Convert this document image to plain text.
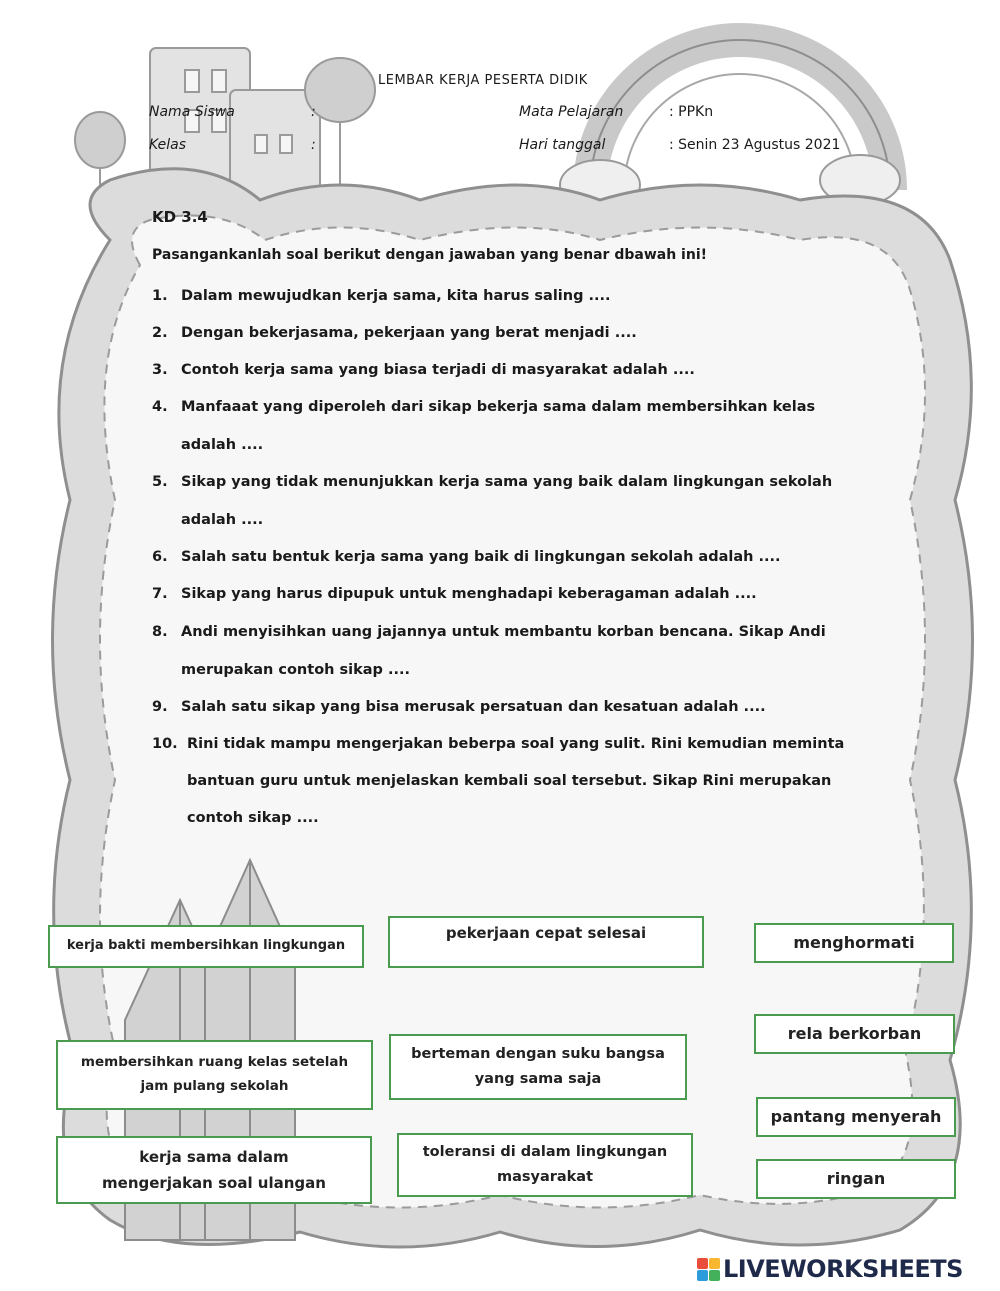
LEMBAR KERJA PESERTA DIDIK
Nama Siswa	:
Kelas	:
Mata Pelajaran	: PPKn
Hari tanggal	: Senin 23 Agustus 2021
KD 3.4
Pasangankanlah soal berikut dengan jawaban yang benar dbawah ini!
1. Dalam mewujudkan kerja sama, kita harus saling ....
2. Dengan bekerjasama, pekerjaan yang berat menjadi ....
3. Contoh kerja sama yang biasa terjadi di masyarakat adalah ....
4. Manfaaat yang diperoleh dari sikap bekerja sama dalam membersihkan kelas adalah ....
5. Sikap yang tidak menunjukkan kerja sama yang baik dalam lingkungan sekolah adalah ....
6. Salah satu bentuk kerja sama yang baik di lingkungan sekolah adalah ....
7. Sikap yang harus dipupuk untuk menghadapi keberagaman adalah ....
8. Andi menyisihkan uang jajannya untuk membantu korban bencana. Sikap Andi merupakan contoh sikap ....
9. Salah satu sikap yang bisa merusak persatuan dan kesatuan adalah ....
10. Rini tidak mampu mengerjakan beberpa soal yang sulit. Rini kemudian meminta bantuan guru untuk menjelaskan kembali soal tersebut. Sikap Rini merupakan contoh sikap ....
kerja bakti membersihkan lingkungan
pekerjaan cepat selesai	menghormati
rela berkorban
membersihkan ruang kelas setelah jam pulang sekolah
berteman dengan suku bangsa yang sama saja
pantang menyerah
kerja sama dalam mengerjakan soal ulangan
toleransi di dalam lingkungan masyarakat	ringan
LIVEWORKSHEETS
